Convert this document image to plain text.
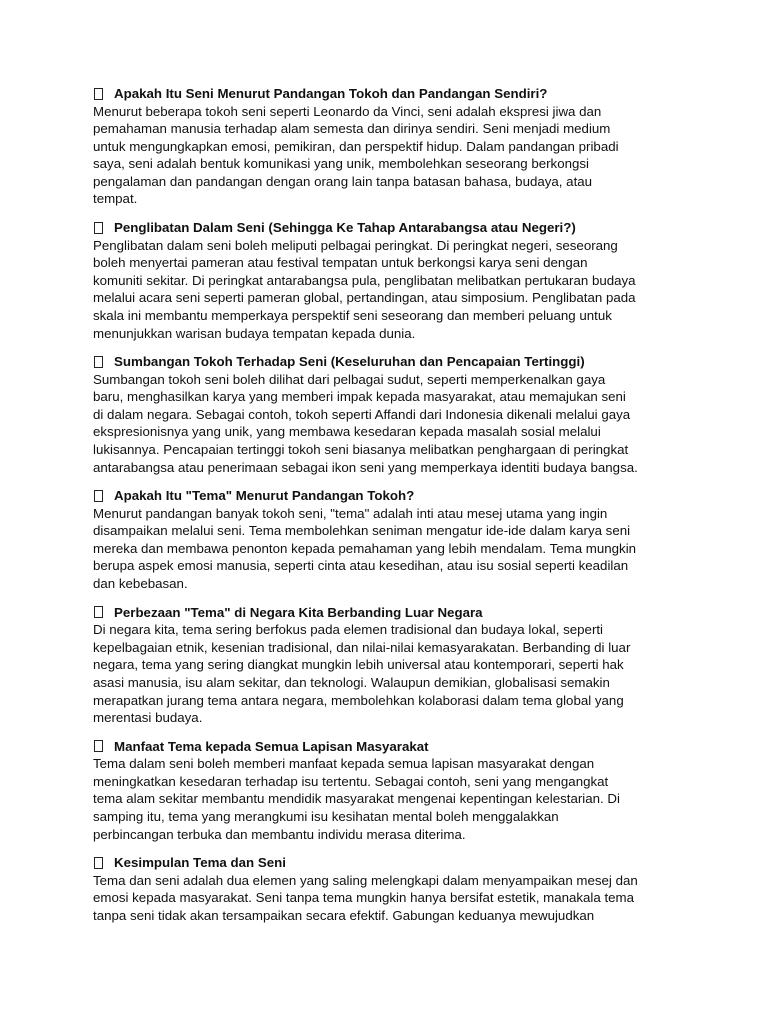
Apakah Itu Seni Menurut Pandangan Tokoh dan Pandangan Sendiri?

Menurut beberapa tokoh seni seperti Leonardo da Vinci, seni adalah ekspresi jiwa dan
pemahaman manusia terhadap alam semesta dan dirinya sendiri. Seni menjadi medium
untuk mengungkapkan emosi, pemikiran, dan perspektif hidup. Dalam pandangan pribadi
saya, seni adalah bentuk komunikasi yang unik, membolehkan seseorang berkongsi
pengalaman dan pandangan dengan orang lain tanpa batasan bahasa, budaya, atau
tempat.

Penglibatan Dalam Seni (Sehingga Ke Tahap Antarabangsa atau Negeri?)

Penglibatan dalam seni boleh meliputi pelbagai peringkat. Di peringkat negeri, seseorang
boleh menyertai pameran atau festival tempatan untuk berkongsi karya seni dengan
komuniti sekitar. Di peringkat antarabangsa pula, penglibatan melibatkan pertukaran budaya
melalui acara seni seperti pameran global, pertandingan, atau simposium. Penglibatan pada
skala ini membantu memperkaya perspektif seni seseorang dan memberi peluang untuk
menunjukkan warisan budaya tempatan kepada dunia.

Sumbangan Tokoh Terhadap Seni (Keseluruhan dan Pencapaian Tertinggi)

Sumbangan tokoh seni boleh dilihat dari pelbagai sudut, seperti memperkenalkan gaya
baru, menghasilkan karya yang memberi impak kepada masyarakat, atau memajukan seni
di dalam negara. Sebagai contoh, tokoh seperti Affandi dari Indonesia dikenali melalui gaya
ekspresionisnya yang unik, yang membawa kesedaran kepada masalah sosial melalui
lukisannya. Pencapaian tertinggi tokoh seni biasanya melibatkan penghargaan di peringkat
antarabangsa atau penerimaan sebagai ikon seni yang memperkaya identiti budaya bangsa.

Apakah Itu "Tema" Menurut Pandangan Tokoh?

Menurut pandangan banyak tokoh seni, "tema" adalah inti atau mesej utama yang ingin
disampaikan melalui seni. Tema membolehkan seniman mengatur ide-ide dalam karya seni
mereka dan membawa penonton kepada pemahaman yang lebih mendalam. Tema mungkin
berupa aspek emosi manusia, seperti cinta atau kesedihan, atau isu sosial seperti keadilan
dan kebebasan.

Perbezaan "Tema" di Negara Kita Berbanding Luar Negara

Di negara kita, tema sering berfokus pada elemen tradisional dan budaya lokal, seperti
kepelbagaian etnik, kesenian tradisional, dan nilai-nilai kemasyarakatan. Berbanding di luar
negara, tema yang sering diangkat mungkin lebih universal atau kontemporari, seperti hak
asasi manusia, isu alam sekitar, dan teknologi. Walaupun demikian, globalisasi semakin
merapatkan jurang tema antara negara, membolehkan kolaborasi dalam tema global yang
merentasi budaya.

Manfaat Tema kepada Semua Lapisan Masyarakat

Tema dalam seni boleh memberi manfaat kepada semua lapisan masyarakat dengan
meningkatkan kesedaran terhadap isu tertentu. Sebagai contoh, seni yang mengangkat
tema alam sekitar membantu mendidik masyarakat mengenai kepentingan kelestarian. Di
samping itu, tema yang merangkumi isu kesihatan mental boleh menggalakkan
perbincangan terbuka dan membantu individu merasa diterima.

Kesimpulan Tema dan Seni

Tema dan seni adalah dua elemen yang saling melengkapi dalam menyampaikan mesej dan
emosi kepada masyarakat. Seni tanpa tema mungkin hanya bersifat estetik, manakala tema
tanpa seni tidak akan tersampaikan secara efektif. Gabungan keduanya mewujudkan
